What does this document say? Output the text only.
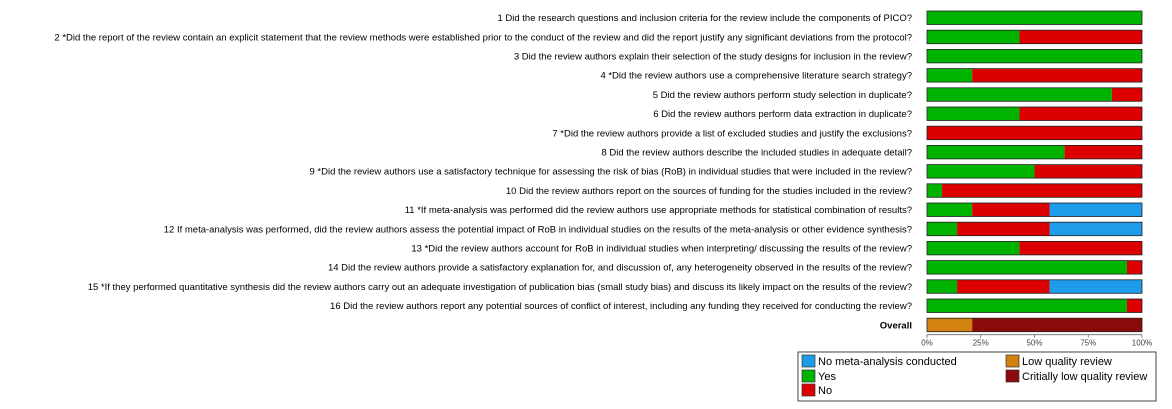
1 Did the research questions and inclusion criteria for the review include the components of PICO?
2 *Did the report of the review contain an explicit statement that the review methods were established prior to the conduct of the review and did the report justify any significant deviations from the protocol?
3 Did the review authors explain their selection of the study designs for inclusion in the review?
4 *Did the review authors use a comprehensive literature search strategy?
5 Did the review authors perform study selection in duplicate?
6 Did the review authors perform data extraction in duplicate?
7 *Did the review authors provide a list of excluded studies and justify the exclusions?
8 Did the review authors describe the included studies in adequate detail?
9 *Did the review authors use a satisfactory technique for assessing the risk of bias (RoB) in individual studies that were included in the review?
10 Did the review authors report on the sources of funding for the studies included in the review?
11 *If meta-analysis was performed did the review authors use appropriate methods for statistical combination of results?
12 If meta-analysis was performed, did the review authors assess the potential impact of RoB in individual studies on the results of the meta-analysis or other evidence synthesis?
13 *Did the review authors account for RoB in individual studies when interpreting/ discussing the results of the review?
14 Did the review authors provide a satisfactory explanation for, and discussion of, any heterogeneity observed in the results of the review?
15 *If they performed quantitative synthesis did the review authors carry out an adequate investigation of publication bias (small study bias) and discuss its likely impact on the results of the review?
16 Did the review authors report any potential sources of conflict of interest, including any funding they received for conducting the review?
Overall
0%	25%	50%	75%	100%
No meta-analysis conducted	Low quality review
Yes	Critially low quality review
No
